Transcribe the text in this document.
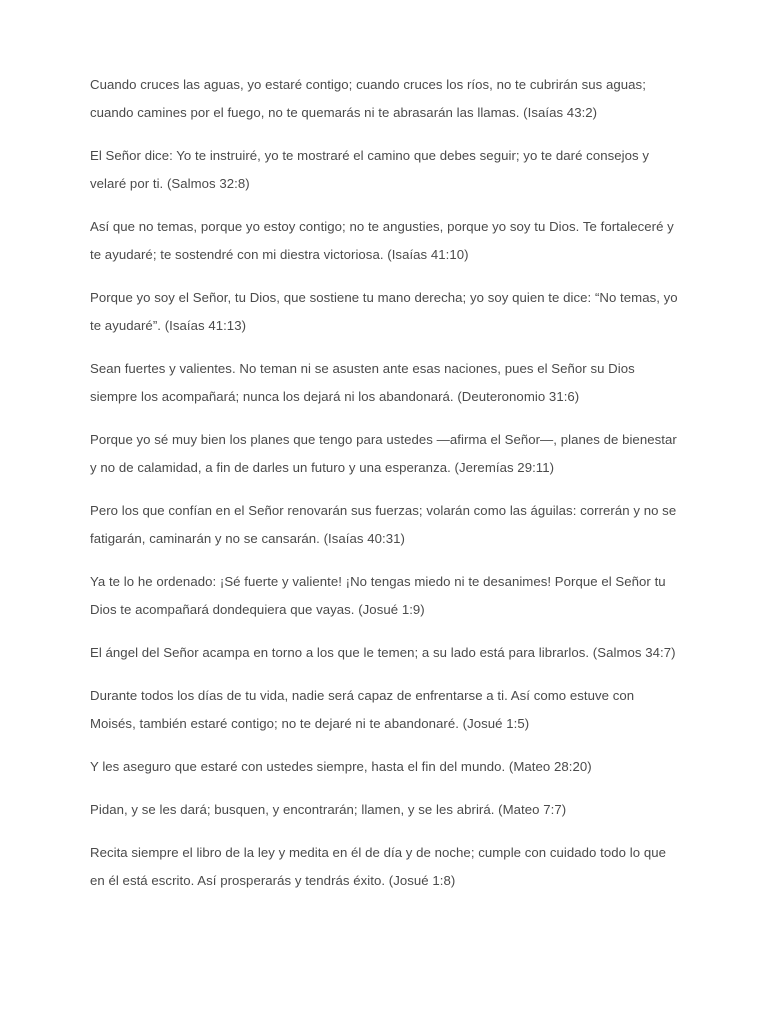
Cuando cruces las aguas, yo estaré contigo; cuando cruces los ríos, no te cubrirán sus aguas; cuando camines por el fuego, no te quemarás ni te abrasarán las llamas. (Isaías 43:2)

El Señor dice: Yo te instruiré, yo te mostraré el camino que debes seguir; yo te daré consejos y velaré por ti. (Salmos 32:8)

Así que no temas, porque yo estoy contigo; no te angusties, porque yo soy tu Dios. Te fortaleceré y te ayudaré; te sostendré con mi diestra victoriosa. (Isaías 41:10)

Porque yo soy el Señor, tu Dios, que sostiene tu mano derecha; yo soy quien te dice: “No temas, yo te ayudaré”. (Isaías 41:13)

Sean fuertes y valientes. No teman ni se asusten ante esas naciones, pues el Señor su Dios siempre los acompañará; nunca los dejará ni los abandonará. (Deuteronomio 31:6)

Porque yo sé muy bien los planes que tengo para ustedes —afirma el Señor—, planes de bienestar y no de calamidad, a fin de darles un futuro y una esperanza. (Jeremías 29:11)

Pero los que confían en el Señor renovarán sus fuerzas; volarán como las águilas: correrán y no se fatigarán, caminarán y no se cansarán. (Isaías 40:31)

Ya te lo he ordenado: ¡Sé fuerte y valiente! ¡No tengas miedo ni te desanimes! Porque el Señor tu Dios te acompañará dondequiera que vayas. (Josué 1:9)

El ángel del Señor acampa en torno a los que le temen; a su lado está para librarlos. (Salmos 34:7)

Durante todos los días de tu vida, nadie será capaz de enfrentarse a ti. Así como estuve con Moisés, también estaré contigo; no te dejaré ni te abandonaré. (Josué 1:5)

Y les aseguro que estaré con ustedes siempre, hasta el fin del mundo. (Mateo 28:20)

Pidan, y se les dará; busquen, y encontrarán; llamen, y se les abrirá. (Mateo 7:7)

Recita siempre el libro de la ley y medita en él de día y de noche; cumple con cuidado todo lo que en él está escrito. Así prosperarás y tendrás éxito. (Josué 1:8)
